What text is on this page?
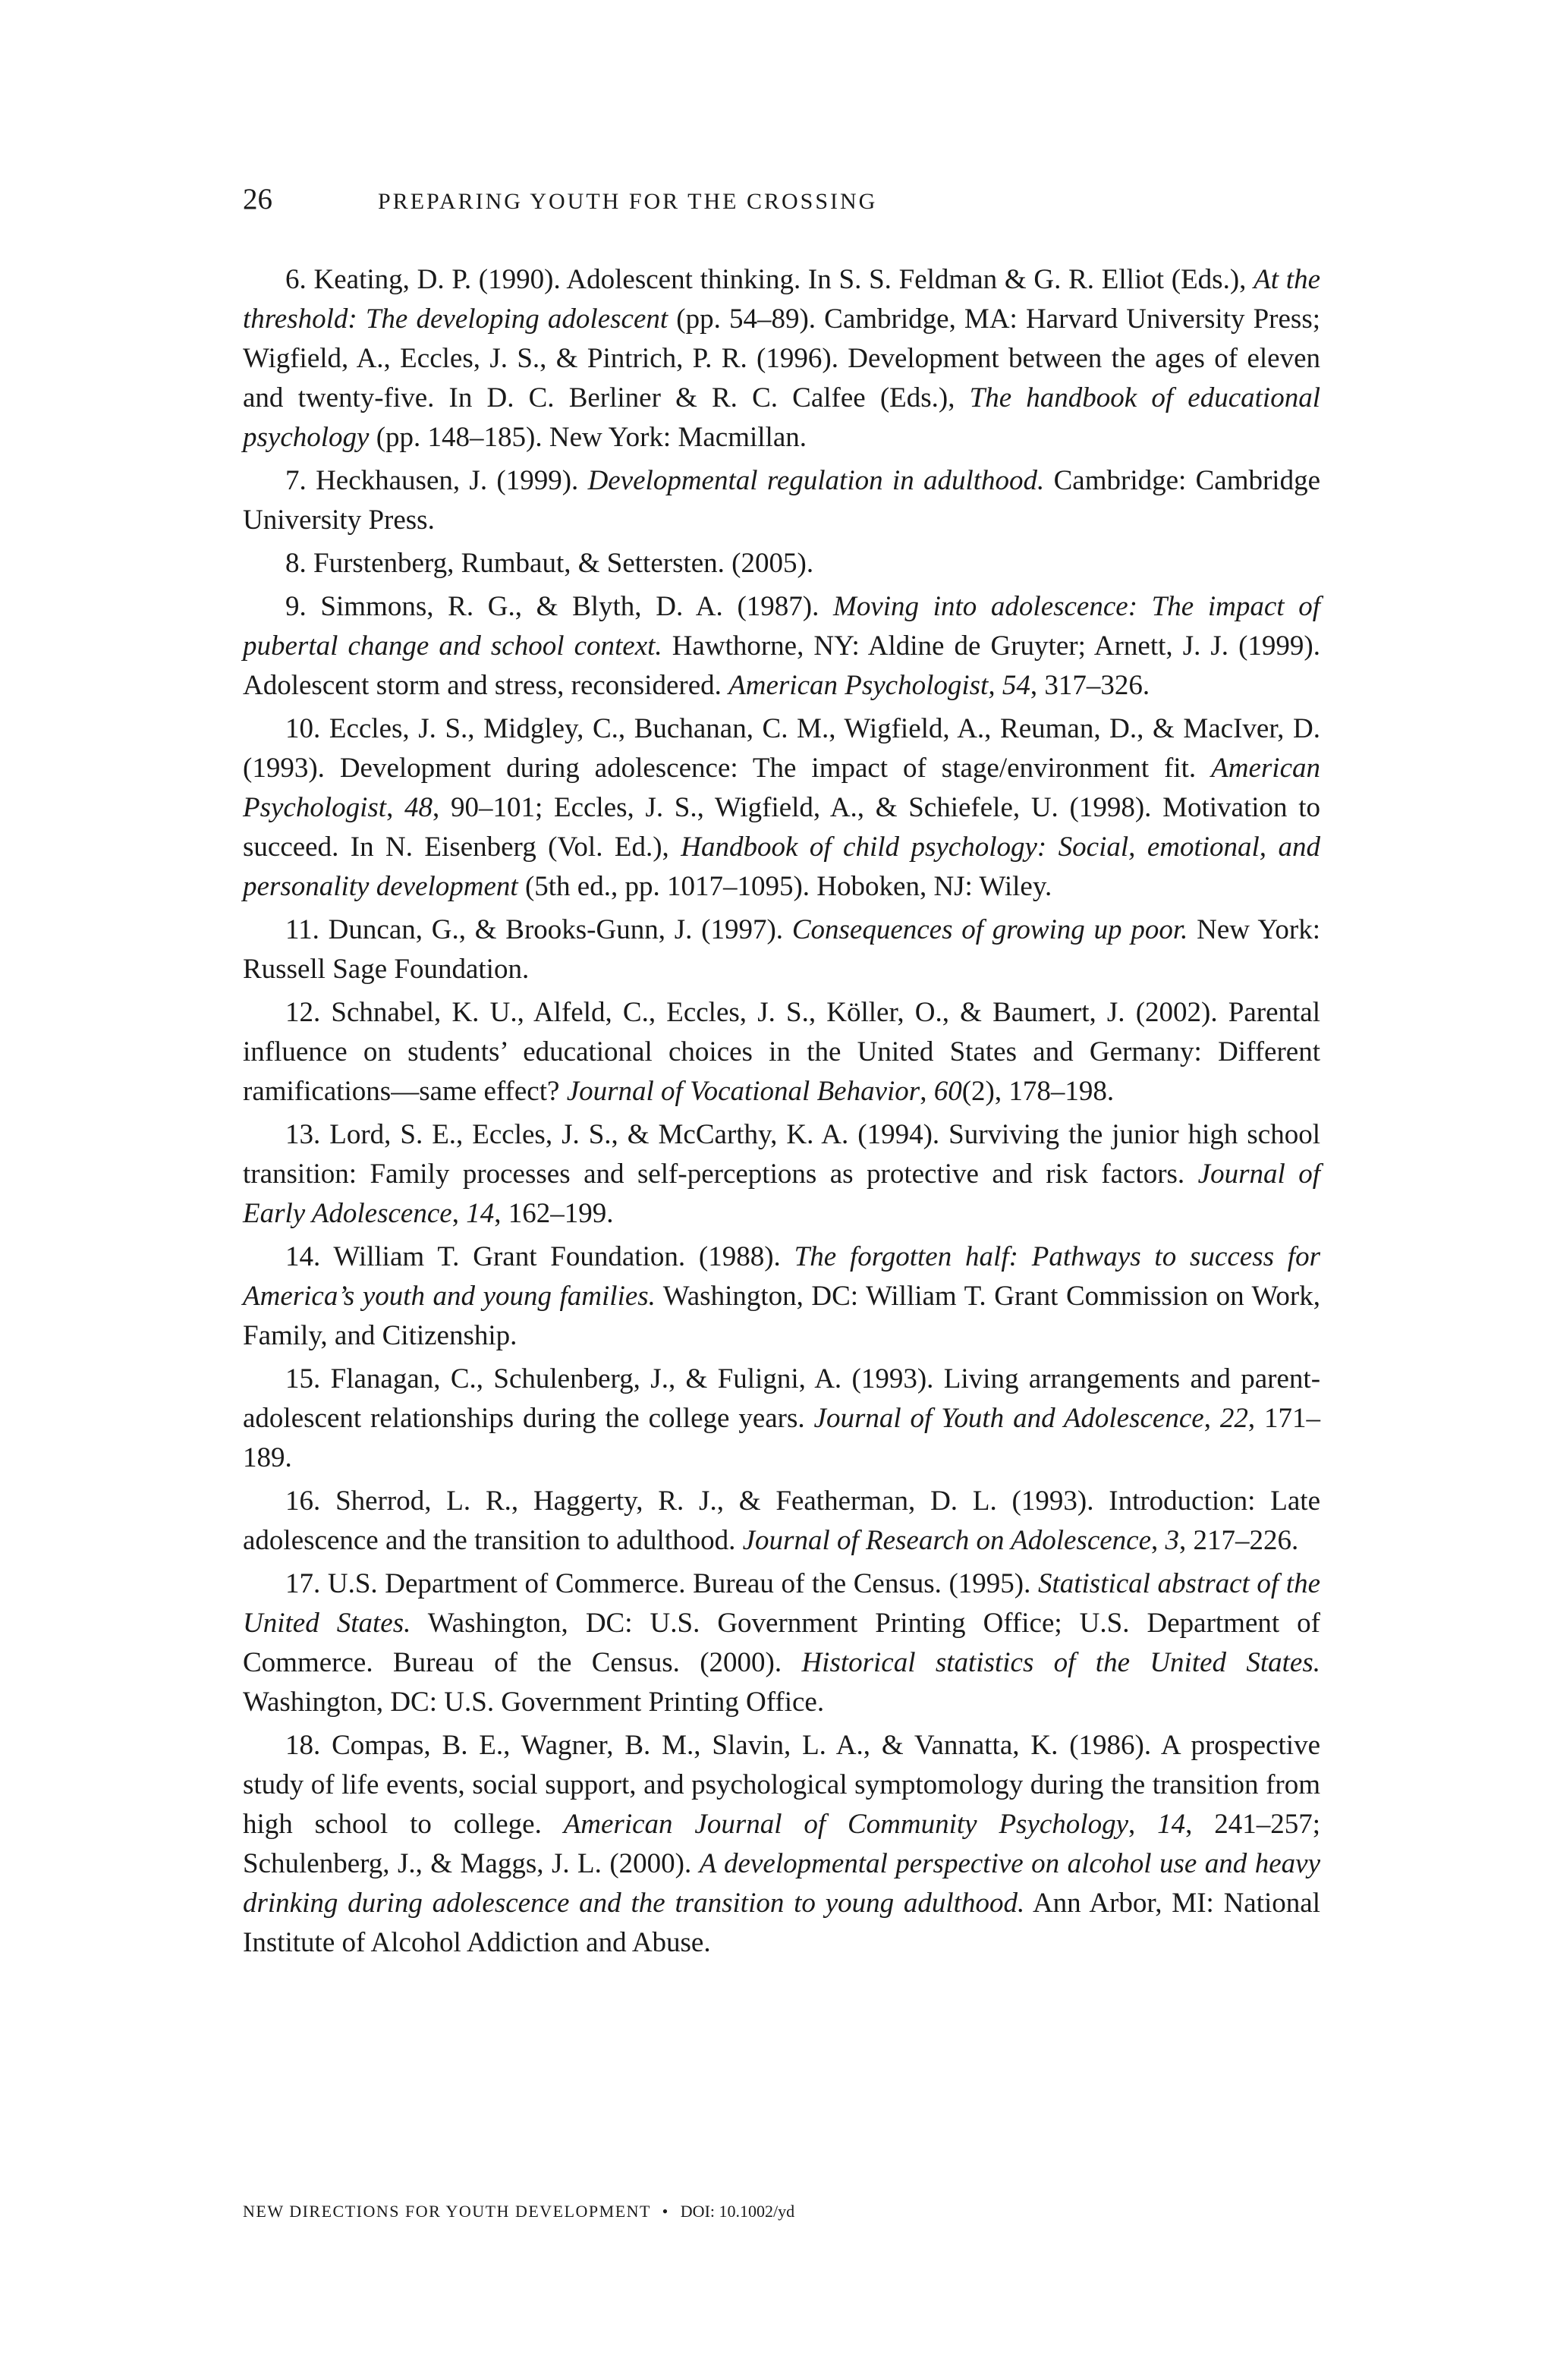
26	PREPARING YOUTH FOR THE CROSSING

6. Keating, D. P. (1990). Adolescent thinking. In S. S. Feldman & G. R. Elliot (Eds.), At the threshold: The developing adolescent (pp. 54–89). Cambridge, MA: Harvard University Press; Wigfield, A., Eccles, J. S., & Pintrich, P. R. (1996). Development between the ages of eleven and twenty-five. In D. C. Berliner & R. C. Calfee (Eds.), The handbook of educational psychology (pp. 148–185). New York: Macmillan.

7. Heckhausen, J. (1999). Developmental regulation in adulthood. Cambridge: Cambridge University Press.

8. Furstenberg, Rumbaut, & Settersten. (2005).

9. Simmons, R. G., & Blyth, D. A. (1987). Moving into adolescence: The impact of pubertal change and school context. Hawthorne, NY: Aldine de Gruyter; Arnett, J. J. (1999). Adolescent storm and stress, reconsidered. American Psychologist, 54, 317–326.

10. Eccles, J. S., Midgley, C., Buchanan, C. M., Wigfield, A., Reuman, D., & MacIver, D. (1993). Development during adolescence: The impact of stage/environment fit. American Psychologist, 48, 90–101; Eccles, J. S., Wigfield, A., & Schiefele, U. (1998). Motivation to succeed. In N. Eisenberg (Vol. Ed.), Handbook of child psychology: Social, emotional, and personality development (5th ed., pp. 1017–1095). Hoboken, NJ: Wiley.

11. Duncan, G., & Brooks-Gunn, J. (1997). Consequences of growing up poor. New York: Russell Sage Foundation.

12. Schnabel, K. U., Alfeld, C., Eccles, J. S., Köller, O., & Baumert, J. (2002). Parental influence on students’ educational choices in the United States and Germany: Different ramifications—same effect? Journal of Vocational Behavior, 60(2), 178–198.

13. Lord, S. E., Eccles, J. S., & McCarthy, K. A. (1994). Surviving the junior high school transition: Family processes and self-perceptions as protective and risk factors. Journal of Early Adolescence, 14, 162–199.

14. William T. Grant Foundation. (1988). The forgotten half: Pathways to success for America’s youth and young families. Washington, DC: William T. Grant Commission on Work, Family, and Citizenship.

15. Flanagan, C., Schulenberg, J., & Fuligni, A. (1993). Living arrangements and parent-adolescent relationships during the college years. Journal of Youth and Adolescence, 22, 171–189.

16. Sherrod, L. R., Haggerty, R. J., & Featherman, D. L. (1993). Introduction: Late adolescence and the transition to adulthood. Journal of Research on Adolescence, 3, 217–226.

17. U.S. Department of Commerce. Bureau of the Census. (1995). Statistical abstract of the United States. Washington, DC: U.S. Government Printing Office; U.S. Department of Commerce. Bureau of the Census. (2000). Historical statistics of the United States. Washington, DC: U.S. Government Printing Office.

18. Compas, B. E., Wagner, B. M., Slavin, L. A., & Vannatta, K. (1986). A prospective study of life events, social support, and psychological symptomology during the transition from high school to college. American Journal of Community Psychology, 14, 241–257; Schulenberg, J., & Maggs, J. L. (2000). A developmental perspective on alcohol use and heavy drinking during adolescence and the transition to young adulthood. Ann Arbor, MI: National Institute of Alcohol Addiction and Abuse.

NEW DIRECTIONS FOR YOUTH DEVELOPMENT • DOI: 10.1002/yd
